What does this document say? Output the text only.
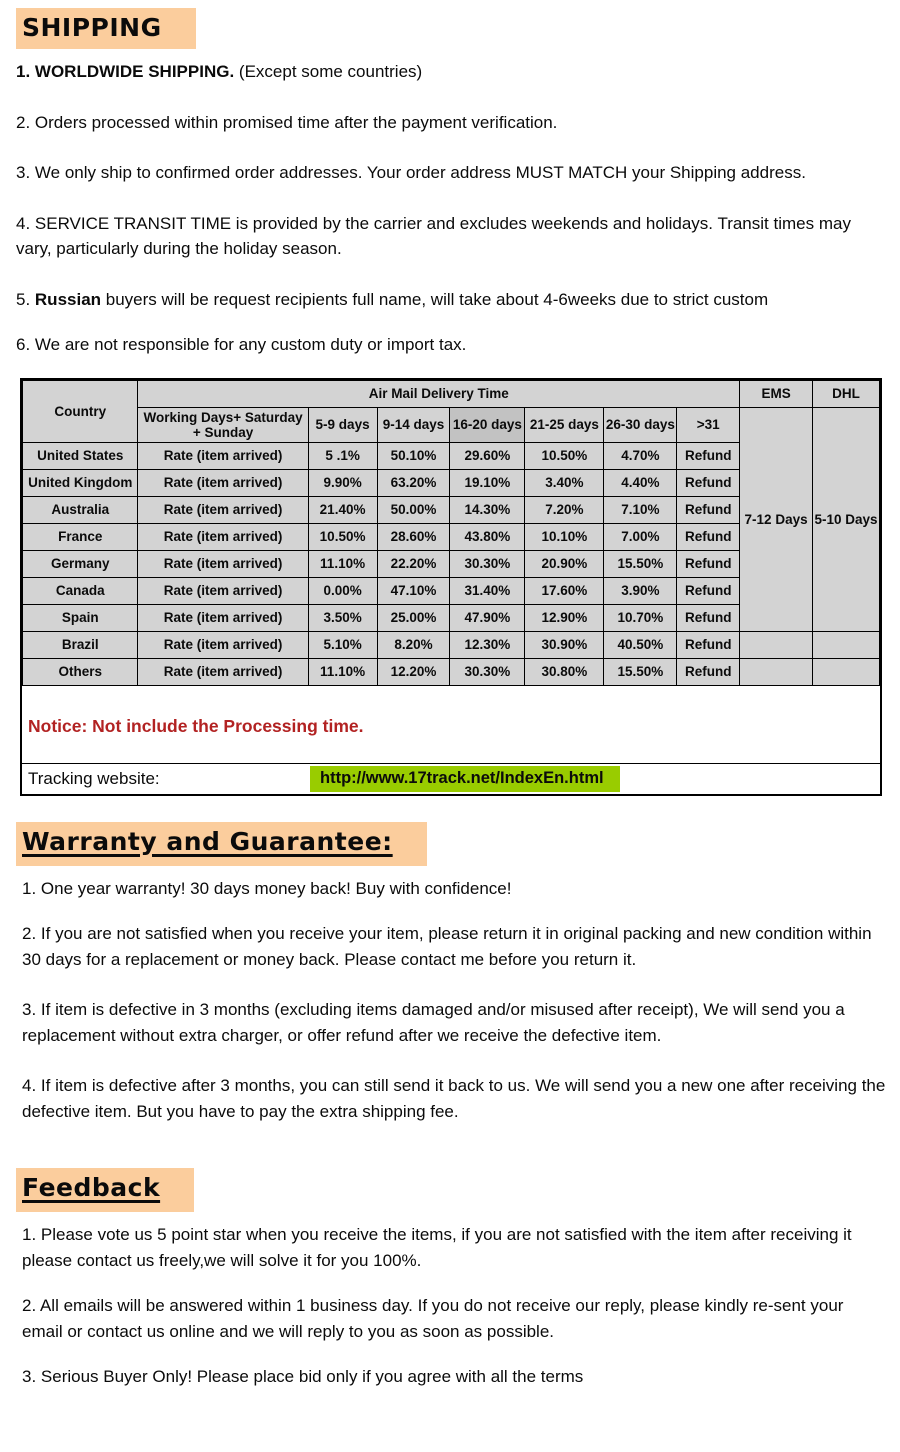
SHIPPING

1. WORLDWIDE SHIPPING. (Except some countries)

2. Orders processed within promised time after the payment verification.

3. We only ship to confirmed order addresses. Your order address MUST MATCH your Shipping address.

4. SERVICE TRANSIT TIME is provided by the carrier and excludes weekends and holidays. Transit times may vary, particularly during the holiday season.

5. Russian buyers will be request recipients full name, will take about 4-6weeks due to strict custom

6. We are not responsible for any custom duty or import tax.

Country	Air Mail Delivery Time							EMS	DHL
	Working Days+ Saturday + Sunday	5-9 days	9-14 days	16-20 days	21-25 days	26-30 days	>31	7-12 Days	5-10 Days
United States	Rate (item arrived)	5 .1%	50.10%	29.60%	10.50%	4.70%	Refund		
United Kingdom	Rate (item arrived)	9.90%	63.20%	19.10%	3.40%	4.40%	Refund		
Australia	Rate (item arrived)	21.40%	50.00%	14.30%	7.20%	7.10%	Refund		
France	Rate (item arrived)	10.50%	28.60%	43.80%	10.10%	7.00%	Refund		
Germany	Rate (item arrived)	11.10%	22.20%	30.30%	20.90%	15.50%	Refund		
Canada	Rate (item arrived)	0.00%	47.10%	31.40%	17.60%	3.90%	Refund		
Spain	Rate (item arrived)	3.50%	25.00%	47.90%	12.90%	10.70%	Refund		
Brazil	Rate (item arrived)	5.10%	8.20%	12.30%	30.90%	40.50%	Refund		
Others	Rate (item arrived)	11.10%	12.20%	30.30%	30.80%	15.50%	Refund		
Notice: Not include the Processing time.
Tracking website:	http://www.17track.net/IndexEn.html
Warranty and Guarantee:

1. One year warranty! 30 days money back! Buy with confidence!

2. If you are not satisfied when you receive your item, please return it in original packing and new condition within 30 days for a replacement or money back. Please contact me before you return it.

3. If item is defective in 3 months (excluding items damaged and/or misused after receipt), We will send you a replacement without extra charger, or offer refund after we receive the defective item.

4. If item is defective after 3 months, you can still send it back to us. We will send you a new one after receiving the defective item. But you have to pay the extra shipping fee.

Feedback

1. Please vote us 5 point star when you receive the items, if you are not satisfied with the item after receiving it please contact us freely,we will solve it for you 100%.

2. All emails will be answered within 1 business day. If you do not receive our reply, please kindly re-sent your email or contact us online and we will reply to you as soon as possible.

3. Serious Buyer Only! Please place bid only if you agree with all the terms
